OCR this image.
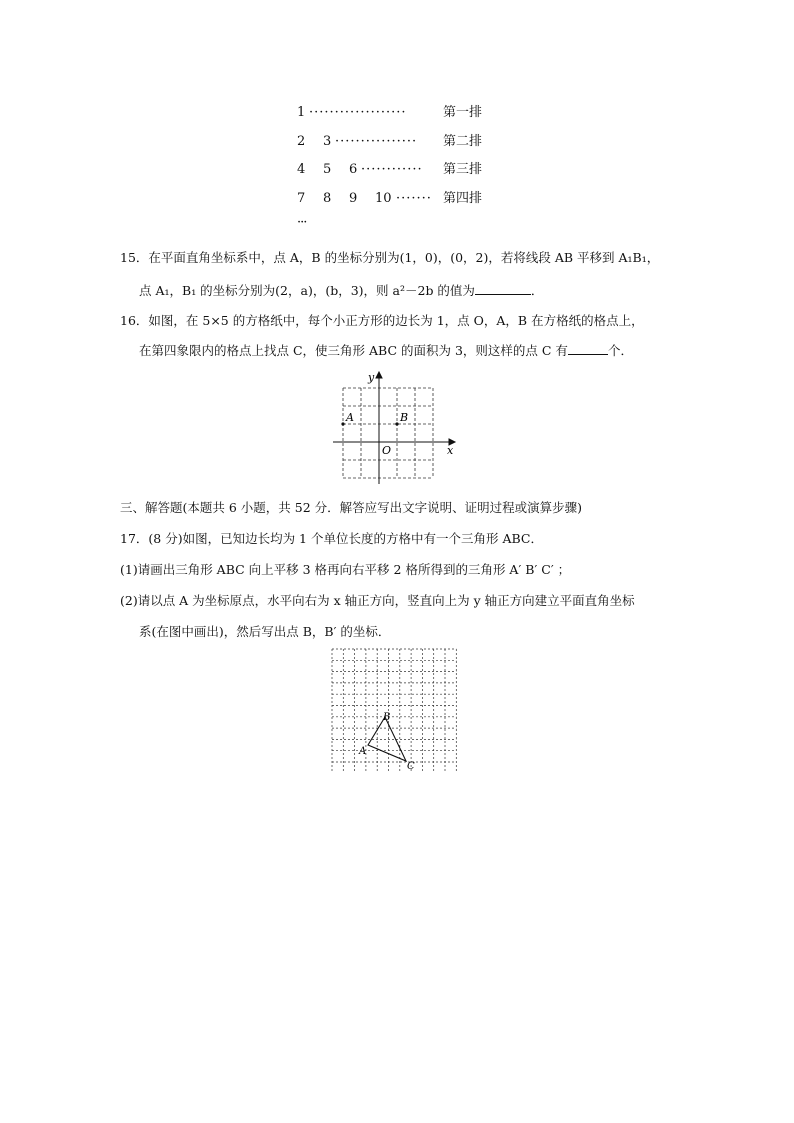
1 ···················	第一排
2 3 ················ 第二排
4 5 6 ············ 第三排
7 8 9 10 ······· 第四排
···
15．在平面直角坐标系中，点 A，B 的坐标分别为(1，0)，(0，2)，若将线段 AB 平移到 A₁B₁，
点 A₁，B₁ 的坐标分别为(2，a)，(b，3)，则 a²－2b 的值为	．
16．如图，在 5×5 的方格纸中，每个小正方形的边长为 1，点 O，A，B 在方格纸的格点上，
在第四象限内的格点上找点 C，使三角形 ABC 的面积为 3，则这样的点 C 有	个．
A	B
O
y
x
三、解答题(本题共 6 小题，共 52 分．解答应写出文字说明、证明过程或演算步骤)
17．(8 分)如图，已知边长均为 1 个单位长度的方格中有一个三角形 ABC．
(1)请画出三角形 ABC 向上平移 3 格再向右平移 2 格所得到的三角形 A′ B′ C′ ；
(2)请以点 A 为坐标原点，水平向右为 x 轴正方向，竖直向上为 y 轴正方向建立平面直角坐标
系(在图中画出)，然后写出点 B，B′ 的坐标．
A
B
C
